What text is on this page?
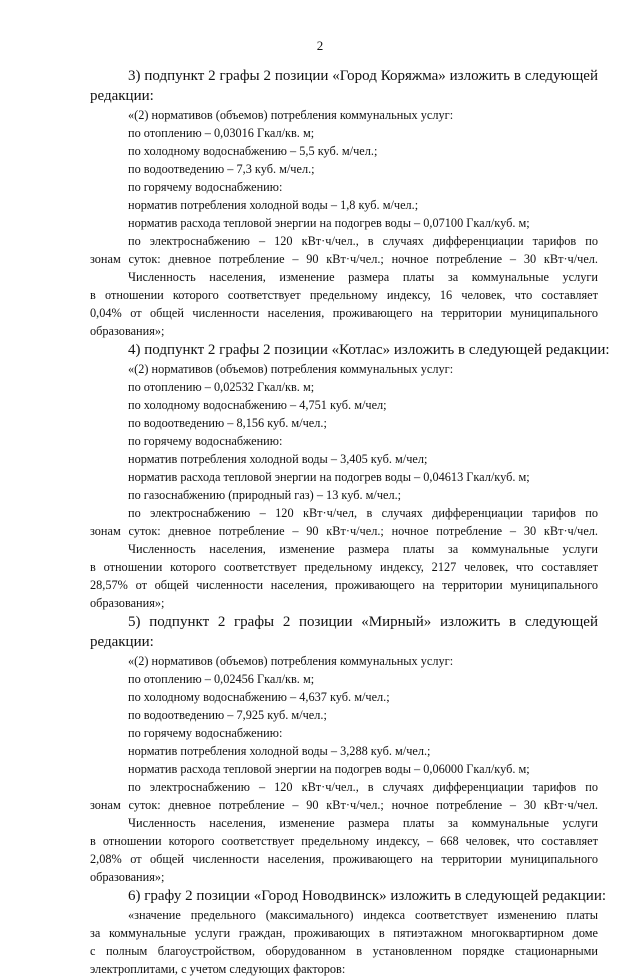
2

3) подпункт 2 графы 2 позиции «Город Коряжма» изложить в следующей

редакции:

«(2) нормативов (объемов) потребления коммунальных услуг:

по отоплению – 0,03016 Гкал/кв. м;

по холодному водоснабжению – 5,5 куб. м/чел.;

по водоотведению – 7,3 куб. м/чел.;

по горячему водоснабжению:

норматив потребления холодной воды – 1,8 куб. м/чел.;

норматив расхода тепловой энергии на подогрев воды – 0,07100 Гкал/куб. м;

по электроснабжению – 120 кВт·ч/чел., в случаях дифференциации тарифов по

зонам суток: дневное потребление – 90 кВт·ч/чел.; ночное потребление – 30 кВт·ч/чел.

Численность населения, изменение размера платы за коммунальные услуги

в отношении которого соответствует предельному индексу, 16 человек, что составляет

0,04% от общей численности населения, проживающего на территории муниципального

образования»;

4) подпункт 2 графы 2 позиции «Котлас» изложить в следующей редакции:

«(2) нормативов (объемов) потребления коммунальных услуг:

по отоплению – 0,02532 Гкал/кв. м;

по холодному водоснабжению – 4,751 куб. м/чел;

по водоотведению – 8,156 куб. м/чел.;

по горячему водоснабжению:

норматив потребления холодной воды – 3,405 куб. м/чел;

норматив расхода тепловой энергии на подогрев воды – 0,04613 Гкал/куб. м;

по газоснабжению (природный газ) – 13 куб. м/чел.;

по электроснабжению – 120 кВт·ч/чел, в случаях дифференциации тарифов по

зонам суток: дневное потребление – 90 кВт·ч/чел.; ночное потребление – 30 кВт·ч/чел.

Численность населения, изменение размера платы за коммунальные услуги

в отношении которого соответствует предельному индексу, 2127 человек, что составляет

28,57% от общей численности населения, проживающего на территории муниципального

образования»;

5) подпункт 2 графы 2 позиции «Мирный» изложить в следующей

редакции:

«(2) нормативов (объемов) потребления коммунальных услуг:

по отоплению – 0,02456 Гкал/кв. м;

по холодному водоснабжению – 4,637 куб. м/чел.;

по водоотведению – 7,925 куб. м/чел.;

по горячему водоснабжению:

норматив потребления холодной воды – 3,288 куб. м/чел.;

норматив расхода тепловой энергии на подогрев воды – 0,06000 Гкал/куб. м;

по электроснабжению – 120 кВт·ч/чел., в случаях дифференциации тарифов по

зонам суток: дневное потребление – 90 кВт·ч/чел.; ночное потребление – 30 кВт·ч/чел.

Численность населения, изменение размера платы за коммунальные услуги

в отношении которого соответствует предельному индексу, – 668 человек, что составляет

2,08% от общей численности населения, проживающего на территории муниципального

образования»;

6) графу 2 позиции «Город Новодвинск» изложить в следующей редакции:

«значение предельного (максимального) индекса соответствует изменению платы

за коммунальные услуги граждан, проживающих в пятиэтажном многоквартирном доме

с полным благоустройством, оборудованном в установленном порядке стационарными

электроплитами, с учетом следующих факторов:
